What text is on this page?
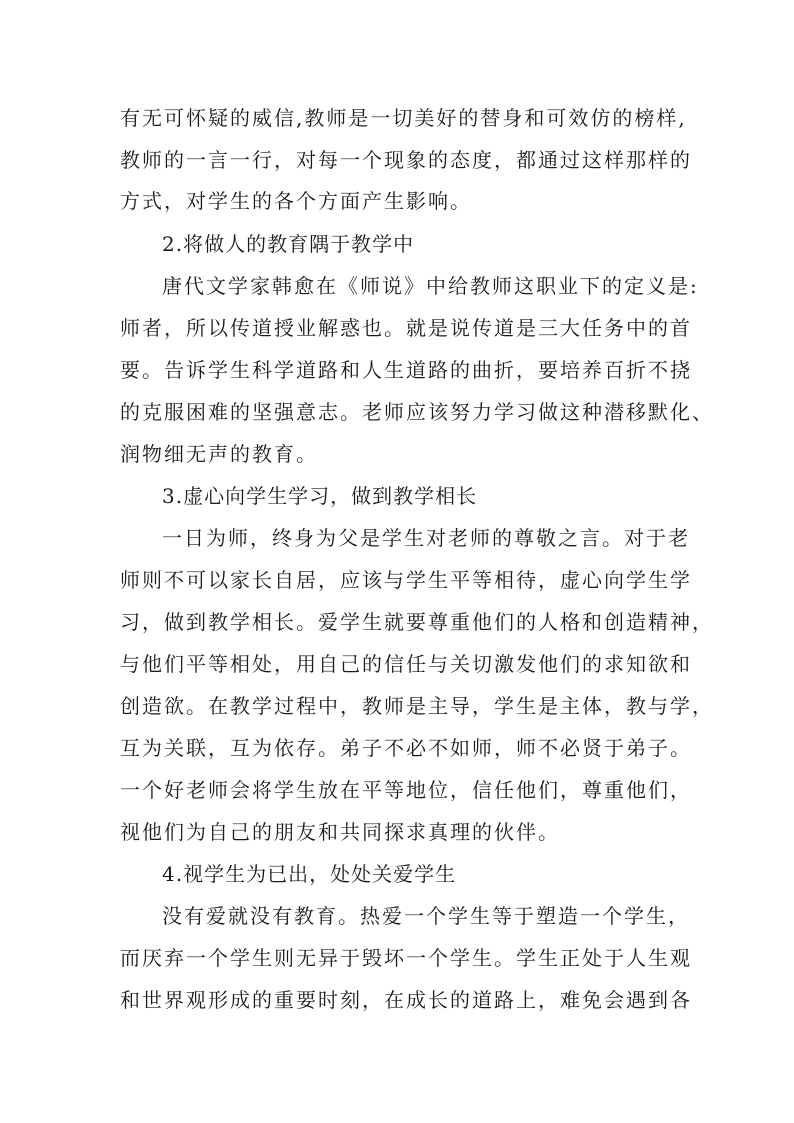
有无可怀疑的威信,教师是一切美好的替身和可效仿的榜样,
教师的一言一行，对每一个现象的态度，都通过这样那样的
方式，对学生的各个方面产生影响。
2.将做人的教育隅于教学中
唐代文学家韩愈在《师说》中给教师这职业下的定义是:
师者，所以传道授业解惑也。就是说传道是三大任务中的首
要。告诉学生科学道路和人生道路的曲折，要培养百折不挠
的克服困难的坚强意志。老师应该努力学习做这种潜移默化、
润物细无声的教育。
3.虚心向学生学习，做到教学相长
一日为师，终身为父是学生对老师的尊敬之言。对于老
师则不可以家长自居，应该与学生平等相待，虚心向学生学
习，做到教学相长。爱学生就要尊重他们的人格和创造精神，
与他们平等相处，用自己的信任与关切激发他们的求知欲和
创造欲。在教学过程中，教师是主导，学生是主体，教与学，
互为关联，互为依存。弟子不必不如师，师不必贤于弟子。
一个好老师会将学生放在平等地位，信任他们，尊重他们，
视他们为自己的朋友和共同探求真理的伙伴。
4.视学生为已出，处处关爱学生
没有爱就没有教育。热爱一个学生等于塑造一个学生，
而厌弃一个学生则无异于毁坏一个学生。学生正处于人生观
和世界观形成的重要时刻，在成长的道路上，难免会遇到各
